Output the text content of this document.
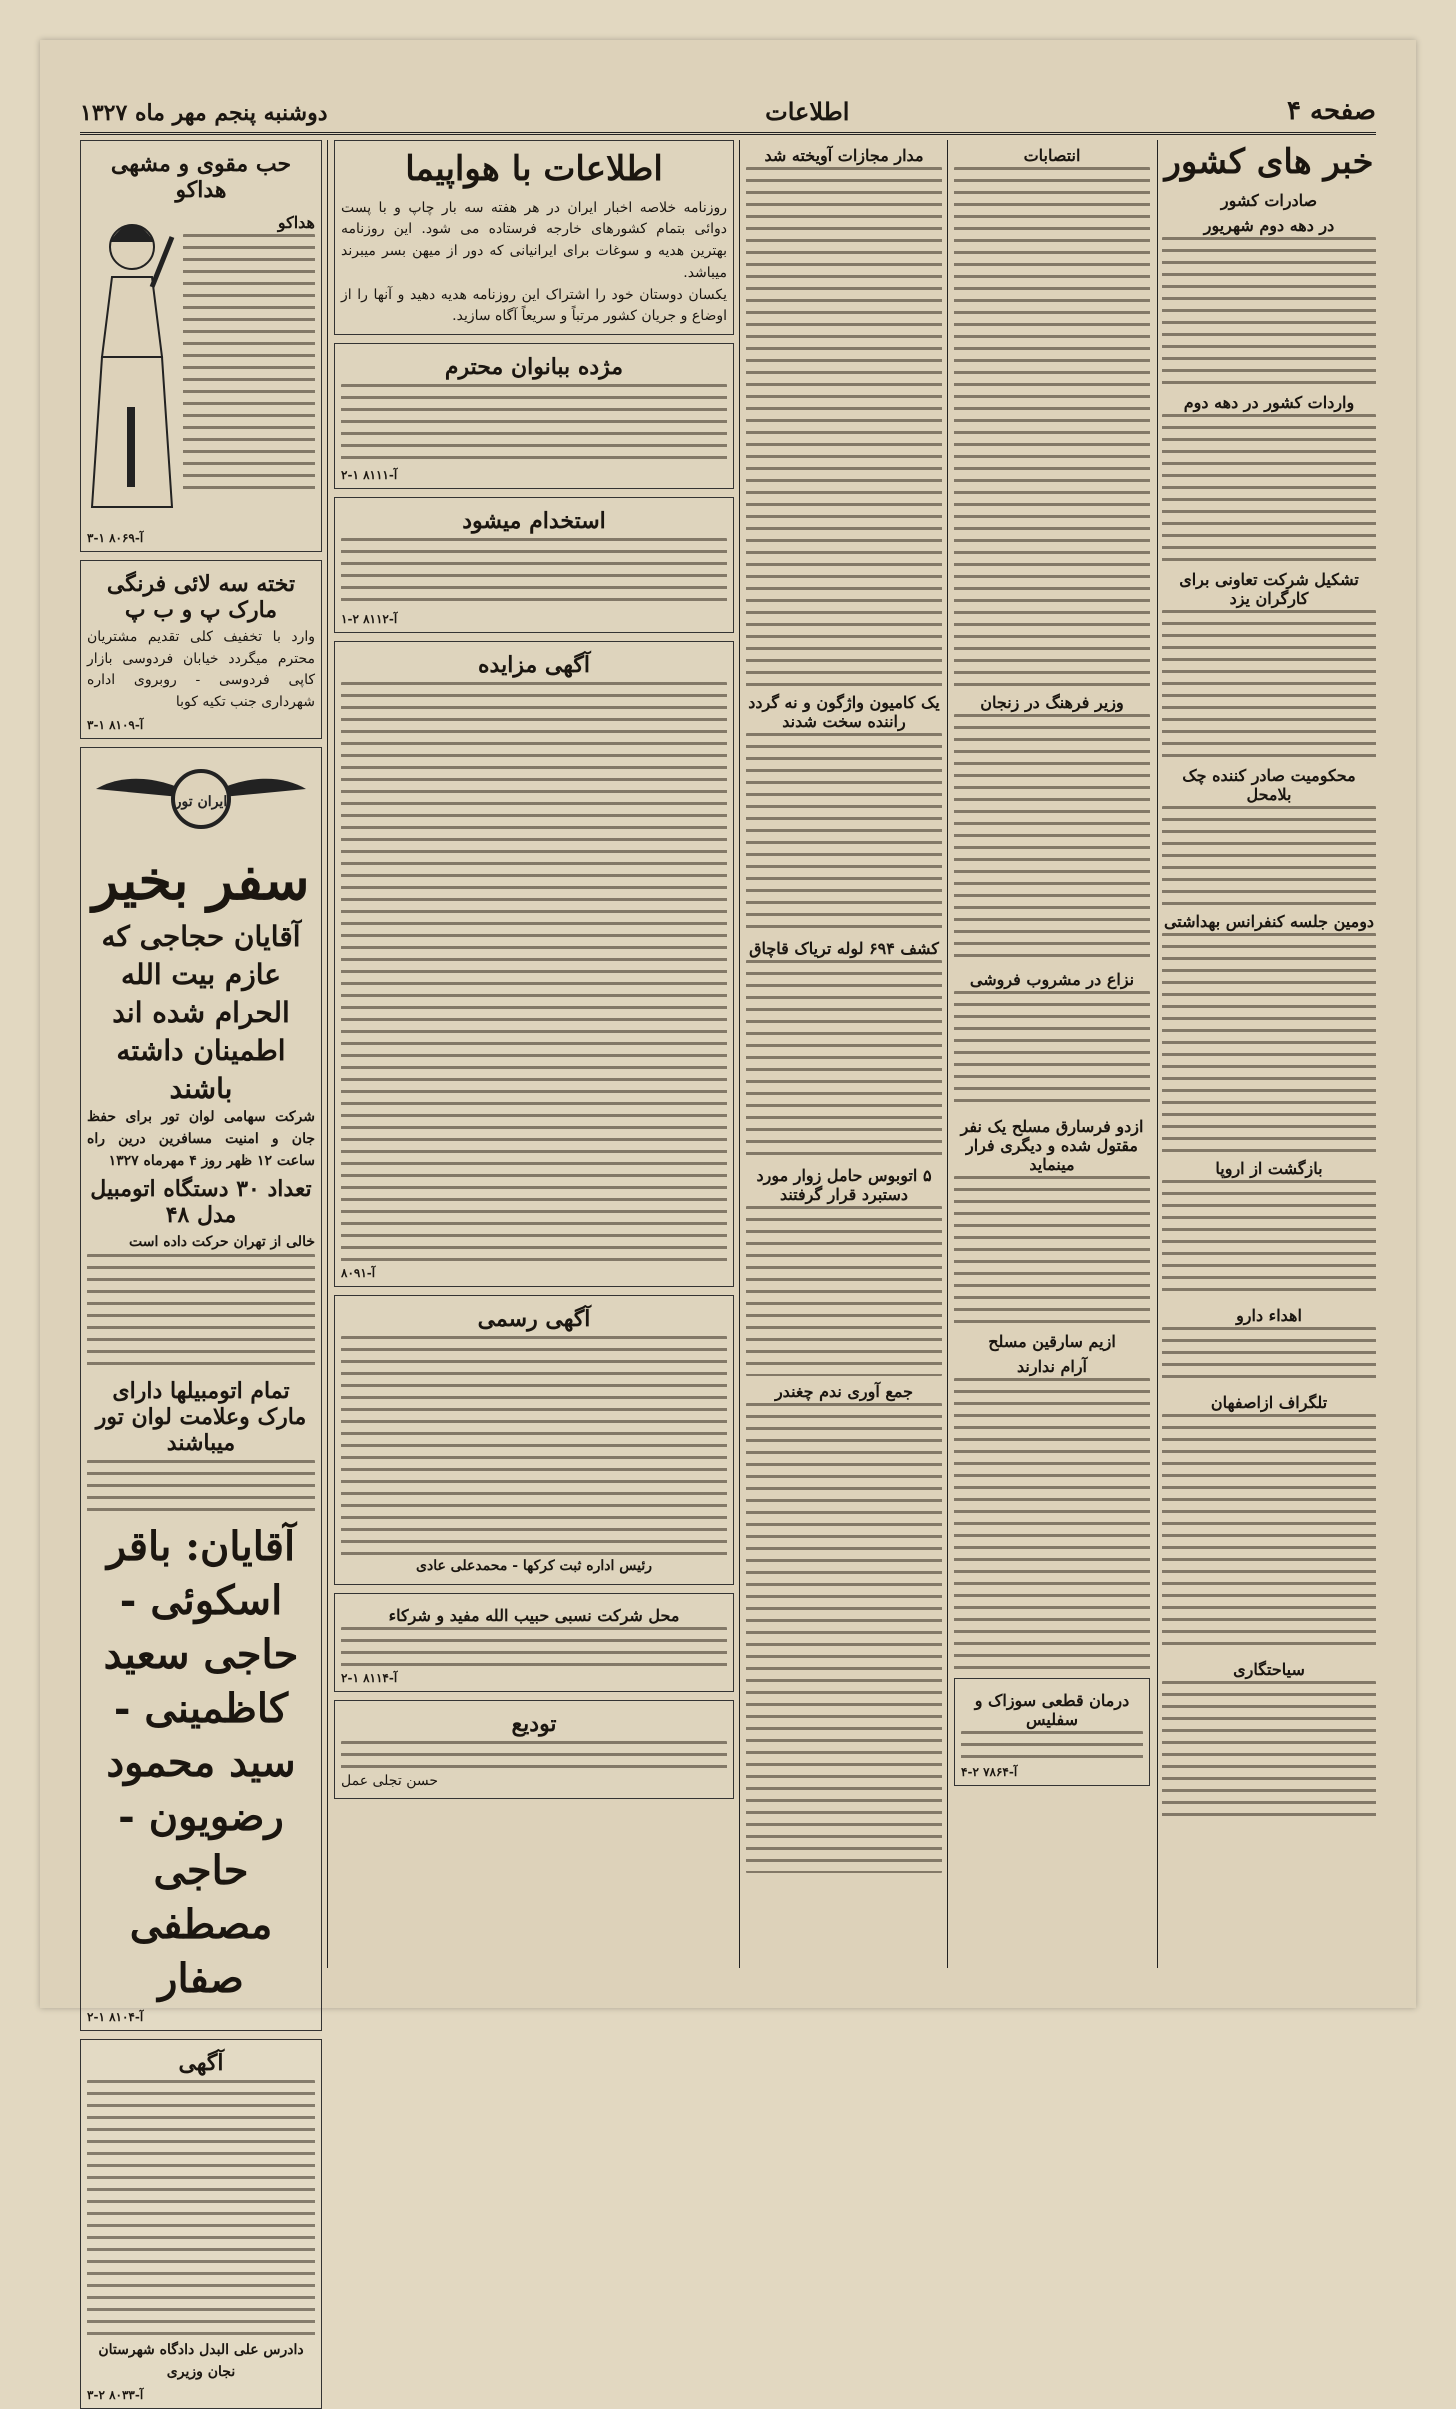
صفحه ۴
اطلاعات
دوشنبه پنجم مهر ماه ۱۳۲۷
خبر های کشور
صادرات کشور
در دهه دوم شهریور
واردات کشور در دهه دوم
تشکیل شرکت تعاونی برای کارگران یزد
محکومیت صادر کننده چک بلامحل
دومین جلسه کنفرانس بهداشتی
بازگشت از اروپا
اهداء دارو
تلگراف ازاصفهان
سیاحتگاری
انتصابات
وزیر فرهنگ در زنجان
نزاع در مشروب فروشی
ازدو فرسارق مسلح یک نفر مقتول شده و دیگری فرار مینماید
ازیم سارقین مسلح
آرام ندارند
درمان قطعی سوزاک و سفلیس
آ-۷۸۶۴ ۲-۴
مدار مجازات آویخته شد
یک کامیون واژگون و نه گردد راننده سخت شدند
کشف ۶۹۴ لوله تریاک قاچاق
۵ اتوبوس حامل زوار مورد دستبرد قرار گرفتند
جمع آوری ندم چغندر
اطلاعات با هواپیما
روزنامه خلاصه اخبار ایران در هر هفته سه بار چاپ و با پست دوائی بتمام کشورهای خارجه فرستاده می شود. این روزنامه بهترین هدیه و سوغات برای ایرانیانی که دور از میهن بسر میبرند میباشد.
یکسان دوستان خود را اشتراک این روزنامه هدیه دهید و آنها را از اوضاع و جریان کشور مرتباً و سریعاً آگاه سازید.
مژده ببانوان محترم
آ-۸۱۱۱ ۱-۲
استخدام میشود
آ-۸۱۱۲ ۲-۱
آگهی مزایده
آ-۸۰۹۱
آگهی رسمی
رئیس اداره ثبت کرکها - محمدعلی عادی
محل شرکت نسبی حبیب الله مفید و شرکاء
آ-۸۱۱۴ ۱-۲
تودیع
حسن تجلی عمل
حب مقوی و مشهی هداکو
هداکو
آ-۸۰۶۹ ۱-۳
تخته سه لائی فرنگی مارک پ و ب پ
وارد با تخفیف کلی تقدیم مشتریان محترم میگردد خیابان فردوسی بازار کاپی فردوسی - روبروی اداره شهرداری جنب تکیه کوبا
آ-۸۱۰۹ ۱-۳
ایران تور
سفر بخیر
آقایان حجاجی که عازم بیت الله الحرام شده اند اطمینان داشته باشند
شرکت سهامی لوان تور برای حفظ جان و امنیت مسافرین درین راه ساعت ۱۲ ظهر روز ۴ مهرماه ۱۳۲۷
تعداد ۳۰ دستگاه اتومبیل مدل ۴۸
خالی از تهران حرکت داده است
تمام اتومبیلها دارای مارک وعلامت لوان تور میباشند
آقایان: باقر اسکوئی - حاجی سعید کاظمینی - سید محمود رضویون - حاجی مصطفی صفار
آ-۸۱۰۴ ۱-۲
آگهی
دادرس علی البدل دادگاه شهرستان نجان وزیری
آ-۸۰۳۳ ۲-۳
